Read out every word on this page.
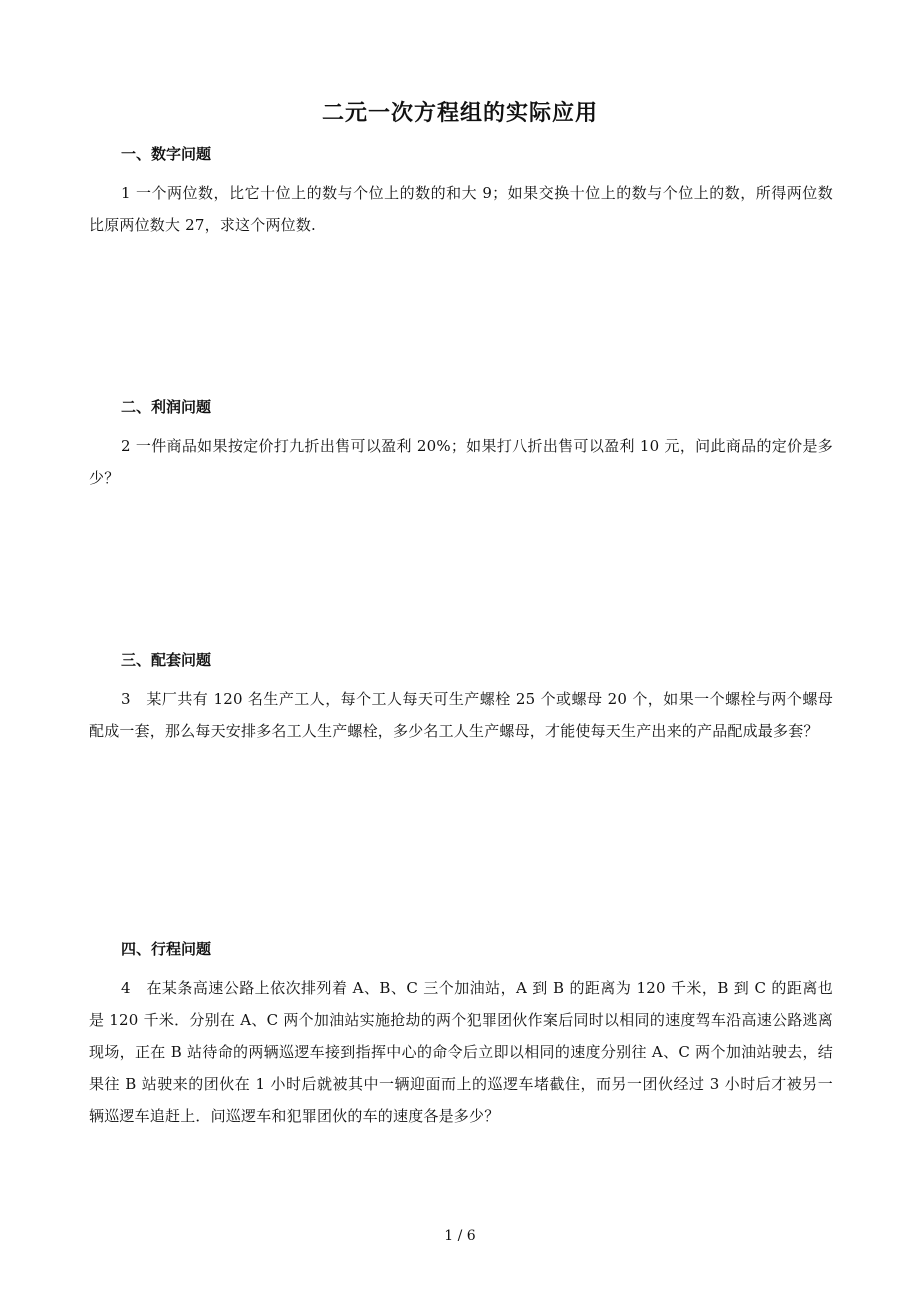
二元一次方程组的实际应用
一、数字问题

1 一个两位数，比它十位上的数与个位上的数的和大 9；如果交换十位上的数与个位上的数，所得两位数比原两位数大 27，求这个两位数.

二、利润问题

2 一件商品如果按定价打九折出售可以盈利 20%；如果打八折出售可以盈利 10 元，问此商品的定价是多少？

三、配套问题

3 某厂共有 120 名生产工人，每个工人每天可生产螺栓 25 个或螺母 20 个，如果一个螺栓与两个螺母配成一套，那么每天安排多名工人生产螺栓，多少名工人生产螺母，才能使每天生产出来的产品配成最多套？

四、行程问题

4 在某条高速公路上依次排列着 A、B、C 三个加油站，A 到 B 的距离为 120 千米，B 到 C 的距离也是 120 千米．分别在 A、C 两个加油站实施抢劫的两个犯罪团伙作案后同时以相同的速度驾车沿高速公路逃离现场，正在 B 站待命的两辆巡逻车接到指挥中心的命令后立即以相同的速度分别往 A、C 两个加油站驶去，结果往 B 站驶来的团伙在 1 小时后就被其中一辆迎面而上的巡逻车堵截住，而另一团伙经过 3 小时后才被另一辆巡逻车追赶上．问巡逻车和犯罪团伙的车的速度各是多少？

1 / 6
